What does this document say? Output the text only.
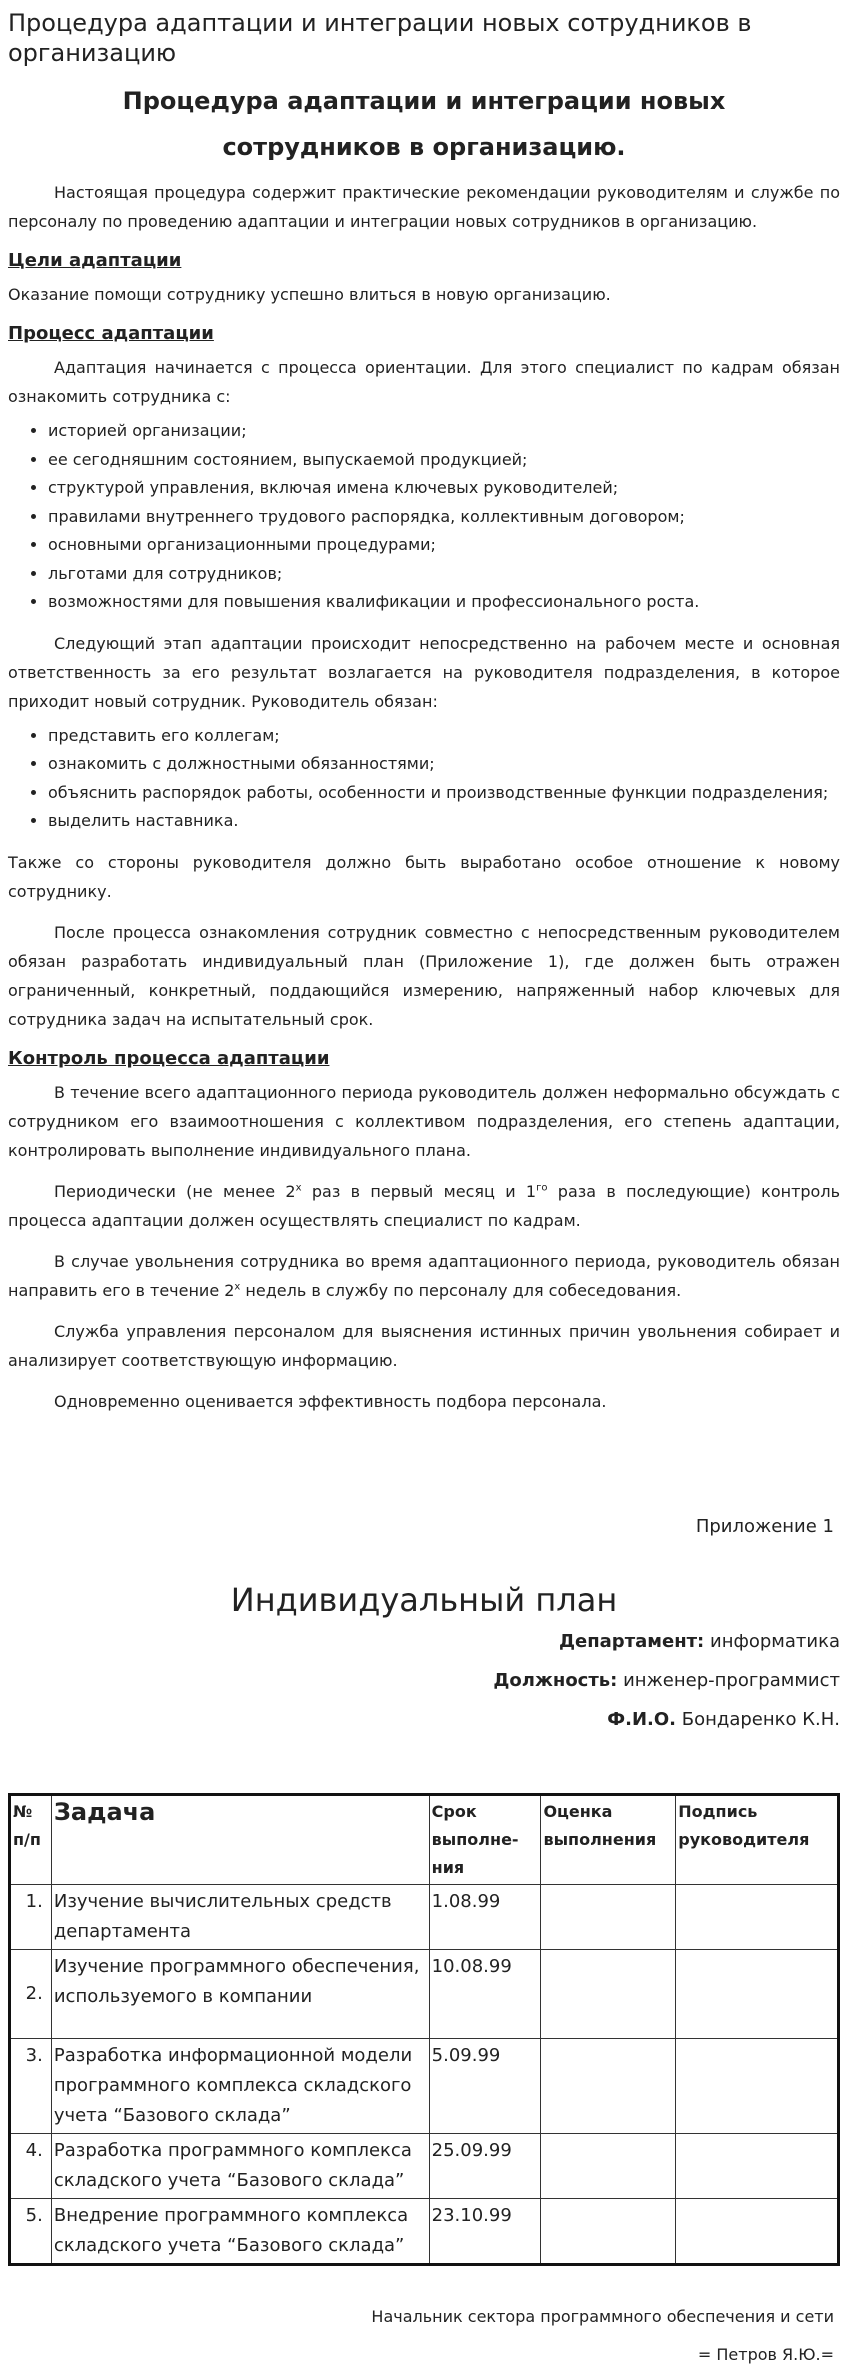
Процедура адаптации и интеграции новых сотрудников в организацию
Процедура адаптации и интеграции новых
сотрудников в организацию.

Настоящая процедура содержит практические рекомендации руководителям и службе по персоналу по проведению адаптации и интеграции новых сотрудников в организацию.

Цели адаптации

Оказание помощи сотруднику успешно влиться в новую организацию.

Процесс адаптации

Адаптация начинается с процесса ориентации. Для этого специалист по кадрам обязан ознакомить сотрудника с:

• историей организации;
• ее сегодняшним состоянием, выпускаемой продукцией;
• структурой управления, включая имена ключевых руководителей;
• правилами внутреннего трудового распорядка, коллективным договором;
• основными организационными процедурами;
• льготами для сотрудников;
• возможностями для повышения квалификации и профессионального роста.

Следующий этап адаптации происходит непосредственно на рабочем месте и основная ответственность за его результат возлагается на руководителя подразделения, в которое приходит новый сотрудник. Руководитель обязан:

• представить его коллегам;
• ознакомить с должностными обязанностями;
• объяснить распорядок работы, особенности и производственные функции подразделения;
• выделить наставника.

Также со стороны руководителя должно быть выработано особое отношение к новому сотруднику.

После процесса ознакомления сотрудник совместно с непосредственным руководителем обязан разработать индивидуальный план (Приложение 1), где должен быть отражен ограниченный, конкретный, поддающийся измерению, напряженный набор ключевых для сотрудника задач на испытательный срок.

Контроль процесса адаптации

В течение всего адаптационного периода руководитель должен неформально обсуждать с сотрудником его взаимоотношения с коллективом подразделения, его степень адаптации, контролировать выполнение индивидуального плана.

Периодически (не менее $2^х$ раз в первый месяц и $1^{го}$ раза в последующие) контроль процесса адаптации должен осуществлять специалист по кадрам.

В случае увольнения сотрудника во время адаптационного периода, руководитель обязан направить его в течение $2^х$ недель в службу по персоналу для собеседования.

Служба управления персоналом для выяснения истинных причин увольнения собирает и анализирует соответствующую информацию.

Одновременно оценивается эффективность подбора персонала.

Приложение 1
Индивидуальный план
Департамент: информатика
Должность: инженер-программист
Ф.И.О. Бондаренко К.Н.
№ п/п	Задача	Срок выполне-ния	Оценка выполнения	Подпись руководителя
1.	Изучение вычислительных средств департамента	1.08.99		
2.	Изучение программного обеспечения, используемого в компании	10.08.99		
3.	Разработка информационной модели программного комплекса складского учета “Базового склада”	5.09.99		
4.	Разработка программного комплекса складского учета “Базового склада”	25.09.99		
5.	Внедрение программного комплекса складского учета “Базового склада”	23.10.99		
Начальник сектора программного обеспечения и сети
= Петров Я.Ю.=
